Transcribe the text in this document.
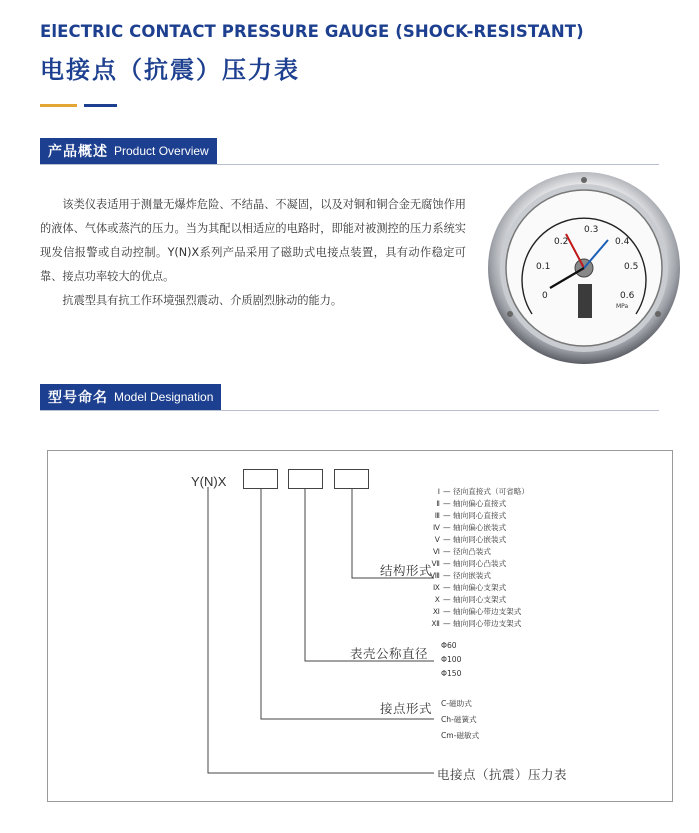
ElECTRIC CONTACT PRESSURE GAUGE (SHOCK-RESISTANT)
电接点（抗震）压力表
产品概述 Product Overview

该类仪表适用于测量无爆炸危险、不结晶、不凝固，以及对铜和铜合金无腐蚀作用的液体、气体或蒸汽的压力。当为其配以相适应的电路时，即能对被测控的压力系统实现发信报警或自动控制。Y(N)X系列产品采用了磁助式电接点装置，具有动作稳定可靠、接点功率较大的优点。

抗震型具有抗工作环境强烈震动、介质剧烈脉动的能力。

0.2
0.3
0.4
0.1	0.5
0	0.6
MPa
型号命名 Model Designation
Y(N)X
结构形式
Ⅰ — 径向直接式（可省略）
Ⅱ — 轴向偏心直接式
Ⅲ — 轴向同心直接式
Ⅳ — 轴向偏心嵌装式
Ⅴ — 轴向同心嵌装式
Ⅵ — 径向凸装式
Ⅶ — 轴向同心凸装式
Ⅷ — 径向嵌装式
Ⅸ — 轴向偏心支架式
Ⅹ — 轴向同心支架式
Ⅺ — 轴向偏心带边支架式
Ⅻ — 轴向同心带边支架式
表壳公称直径
Φ60
Φ100
Φ150
接点形式 C-磁助式
Ch-磁簧式
Cm-磁敏式
电接点（抗震）压力表
